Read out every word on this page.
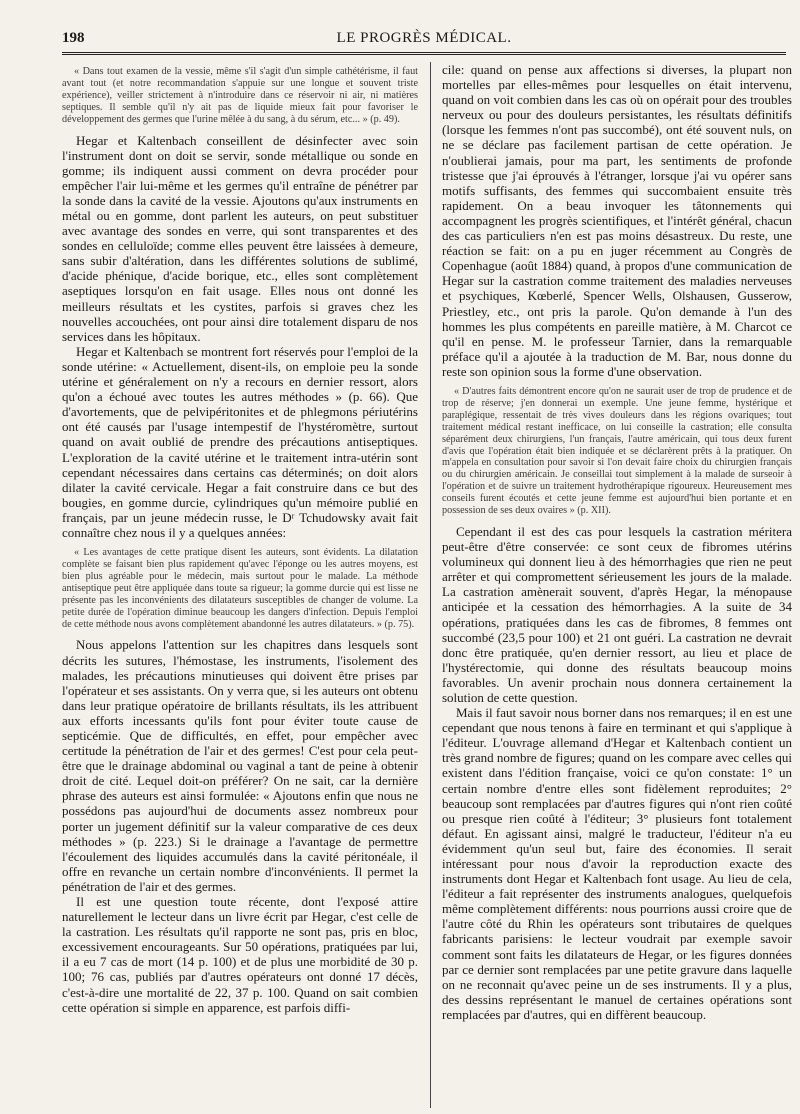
198	LE PROGRÈS MÉDICAL.

« Dans tout examen de la vessie, même s'il s'agit d'un simple cathétérisme, il faut avant tout (et notre recommandation s'appuie sur une longue et souvent triste expérience), veiller strictement à n'introduire dans ce réservoir ni air, ni matières septiques. Il semble qu'il n'y ait pas de liquide mieux fait pour favoriser le développement des germes que l'urine mêlée à du sang, à du sérum, etc... » (p. 49).

Hegar et Kaltenbach conseillent de désinfecter avec soin l'instrument dont on doit se servir, sonde métallique ou sonde en gomme; ils indiquent aussi comment on devra procéder pour empêcher l'air lui-même et les germes qu'il entraîne de pénétrer par la sonde dans la cavité de la vessie. Ajoutons qu'aux instruments en métal ou en gomme, dont parlent les auteurs, on peut substituer avec avantage des sondes en verre, qui sont transparentes et des sondes en celluloïde; comme elles peuvent être laissées à demeure, sans subir d'altération, dans les différentes solutions de sublimé, d'acide phénique, d'acide borique, etc., elles sont complètement aseptiques lorsqu'on en fait usage. Elles nous ont donné les meilleurs résultats et les cystites, parfois si graves chez les nouvelles accouchées, ont pour ainsi dire totalement disparu de nos services dans les hôpitaux.

Hegar et Kaltenbach se montrent fort réservés pour l'emploi de la sonde utérine: « Actuellement, disent-ils, on emploie peu la sonde utérine et généralement on n'y a recours en dernier ressort, alors qu'on a échoué avec toutes les autres méthodes » (p. 66). Que d'avortements, que de pelvipéritonites et de phlegmons périutérins ont été causés par l'usage intempestif de l'hystéromètre, surtout quand on avait oublié de prendre des précautions antiseptiques. L'exploration de la cavité utérine et le traitement intra-utérin sont cependant nécessaires dans certains cas déterminés; on doit alors dilater la cavité cervicale. Hegar a fait construire dans ce but des bougies, en gomme durcie, cylindriques qu'un mémoire publié en français, par un jeune médecin russe, le Dʳ Tchudowsky avait fait connaître chez nous il y a quelques années:

« Les avantages de cette pratique disent les auteurs, sont évidents. La dilatation complète se faisant bien plus rapidement qu'avec l'éponge ou les autres moyens, est bien plus agréable pour le médecin, mais surtout pour le malade. La méthode antiseptique peut être appliquée dans toute sa rigueur; la gomme durcie qui est lisse ne présente pas les inconvénients des dilatateurs susceptibles de changer de volume. La petite durée de l'opération diminue beaucoup les dangers d'infection. Depuis l'emploi de cette méthode nous avons complètement abandonné les autres dilatateurs. » (p. 75).

Nous appelons l'attention sur les chapitres dans lesquels sont décrits les sutures, l'hémostase, les instruments, l'isolement des malades, les précautions minutieuses qui doivent être prises par l'opérateur et ses assistants. On y verra que, si les auteurs ont obtenu dans leur pratique opératoire de brillants résultats, ils les attribuent aux efforts incessants qu'ils font pour éviter toute cause de septicémie. Que de difficultés, en effet, pour empêcher avec certitude la pénétration de l'air et des germes! C'est pour cela peut-être que le drainage abdominal ou vaginal a tant de peine à obtenir droit de cité. Lequel doit-on préférer? On ne sait, car la dernière phrase des auteurs est ainsi formulée: « Ajoutons enfin que nous ne possédons pas aujourd'hui de documents assez nombreux pour porter un jugement définitif sur la valeur comparative de ces deux méthodes » (p. 223.) Si le drainage a l'avantage de permettre l'écoulement des liquides accumulés dans la cavité péritonéale, il offre en revanche un certain nombre d'inconvénients. Il permet la pénétration de l'air et des germes.

Il est une question toute récente, dont l'exposé attire naturellement le lecteur dans un livre écrit par Hegar, c'est celle de la castration. Les résultats qu'il rapporte ne sont pas, pris en bloc, excessivement encourageants. Sur 50 opérations, pratiquées par lui, il a eu 7 cas de mort (14 p. 100) et de plus une morbidité de 30 p. 100; 76 cas, publiés par d'autres opérateurs ont donné 17 décès, c'est-à-dire une mortalité de 22, 37 p. 100. Quand on sait combien cette opération si simple en apparence, est parfois diffi-

cile: quand on pense aux affections si diverses, la plupart non mortelles par elles-mêmes pour lesquelles on était intervenu, quand on voit combien dans les cas où on opérait pour des troubles nerveux ou pour des douleurs persistantes, les résultats définitifs (lorsque les femmes n'ont pas succombé), ont été souvent nuls, on ne se déclare pas facilement partisan de cette opération. Je n'oublierai jamais, pour ma part, les sentiments de profonde tristesse que j'ai éprouvés à l'étranger, lorsque j'ai vu opérer sans motifs suffisants, des femmes qui succombaient ensuite très rapidement. On a beau invoquer les tâtonnements qui accompagnent les progrès scientifiques, et l'intérêt général, chacun des cas particuliers n'en est pas moins désastreux. Du reste, une réaction se fait: on a pu en juger récemment au Congrès de Copenhague (août 1884) quand, à propos d'une communication de Hegar sur la castration comme traitement des maladies nerveuses et psychiques, Kœberlé, Spencer Wells, Olshausen, Gusserow, Priestley, etc., ont pris la parole. Qu'on demande à l'un des hommes les plus compétents en pareille matière, à M. Charcot ce qu'il en pense. M. le professeur Tarnier, dans la remarquable préface qu'il a ajoutée à la traduction de M. Bar, nous donne du reste son opinion sous la forme d'une observation.

« D'autres faits démontrent encore qu'on ne saurait user de trop de prudence et de trop de réserve; j'en donnerai un exemple. Une jeune femme, hystérique et paraplégique, ressentait de très vives douleurs dans les régions ovariques; tout traitement médical restant inefficace, on lui conseille la castration; elle consulta séparément deux chirurgiens, l'un français, l'autre américain, qui tous deux furent d'avis que l'opération était bien indiquée et se déclarèrent prêts à la pratiquer. On m'appela en consultation pour savoir si l'on devait faire choix du chirurgien français ou du chirurgien américain. Je conseillai tout simplement à la malade de surseoir à l'opération et de suivre un traitement hydrothérapique rigoureux. Heureusement mes conseils furent écoutés et cette jeune femme est aujourd'hui bien portante et en possession de ses deux ovaires » (p. XII).

Cependant il est des cas pour lesquels la castration méritera peut-être d'être conservée: ce sont ceux de fibromes utérins volumineux qui donnent lieu à des hémorrhagies que rien ne peut arrêter et qui compromettent sérieusement les jours de la malade. La castration amènerait souvent, d'après Hegar, la ménopause anticipée et la cessation des hémorrhagies. A la suite de 34 opérations, pratiquées dans les cas de fibromes, 8 femmes ont succombé (23,5 pour 100) et 21 ont guéri. La castration ne devrait donc être pratiquée, qu'en dernier ressort, au lieu et place de l'hystérectomie, qui donne des résultats beaucoup moins favorables. Un avenir prochain nous donnera certainement la solution de cette question.

Mais il faut savoir nous borner dans nos remarques; il en est une cependant que nous tenons à faire en terminant et qui s'applique à l'éditeur. L'ouvrage allemand d'Hegar et Kaltenbach contient un très grand nombre de figures; quand on les compare avec celles qui existent dans l'édition française, voici ce qu'on constate: 1° un certain nombre d'entre elles sont fidèlement reproduites; 2° beaucoup sont remplacées par d'autres figures qui n'ont rien coûté ou presque rien coûté à l'éditeur; 3° plusieurs font totalement défaut. En agissant ainsi, malgré le traducteur, l'éditeur n'a eu évidemment qu'un seul but, faire des économies. Il serait intéressant pour nous d'avoir la reproduction exacte des instruments dont Hegar et Kaltenbach font usage. Au lieu de cela, l'éditeur a fait représenter des instruments analogues, quelquefois même complètement différents: nous pourrions aussi croire que de l'autre côté du Rhin les opérateurs sont tributaires de quelques fabricants parisiens: le lecteur voudrait par exemple savoir comment sont faits les dilatateurs de Hegar, or les figures données par ce dernier sont remplacées par une petite gravure dans laquelle on ne reconnait qu'avec peine un de ses instruments. Il y a plus, des dessins représentant le manuel de certaines opérations sont remplacées par d'autres, qui en diffèrent beaucoup.
